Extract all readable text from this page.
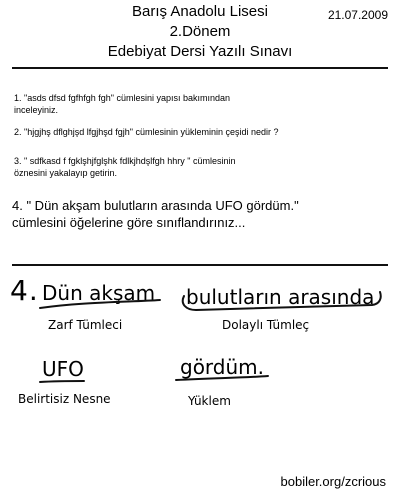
Barış Anadolu Lisesi
2.Dönem
Edebiyat Dersi Yazılı Sınavı
21.07.2009
1. "asds dfsd fgfhfgh fgh" cümlesini yapısı bakımından
inceleyiniz.
2. "hjgjhş dflghjşd lfgjhşd fgjh" cümlesinin yükleminin çeşidi nedir ?
3. " sdfkasd f fgklşhjfglşhk fdlkjhdşlfgh hhry " cümlesinin
öznesini yakalayıp getirin.
4. " Dün akşam bulutların arasında UFO gördüm."
cümlesini öğelerine göre sınıflandırınız...
4. Dün akşam
Zarf Tümleci
bulutların arasında
Dolaylı Tümleç
UFO
Belirtisiz Nesne
gördüm.
Yüklem
bobiler.org/zcrious
